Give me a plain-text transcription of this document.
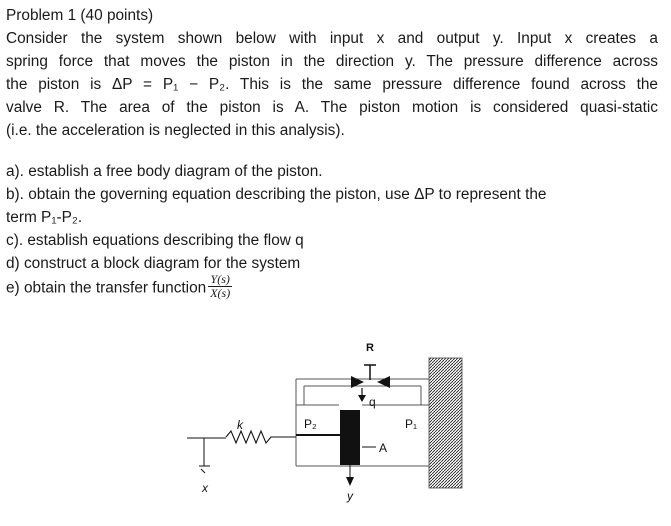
Problem 1 (40 points)
Consider the system shown below with input x and output y. Input x creates a
spring force that moves the piston in the direction y. The pressure difference across
the piston is ΔP = P₁ − P₂. This is the same pressure difference found across the
valve R. The area of the piston is A. The piston motion is considered quasi-static
(i.e. the acceleration is neglected in this analysis).
a). establish a free body diagram of the piston.
b). obtain the governing equation describing the piston, use ΔP to represent the
term P₁-P₂.
c). establish equations describing the flow q
d) construct a block diagram for the system
e) obtain the transfer function $\frac{Y(s)}{X(s)}$
R
q
A
P₂	P₁
k
x
y
